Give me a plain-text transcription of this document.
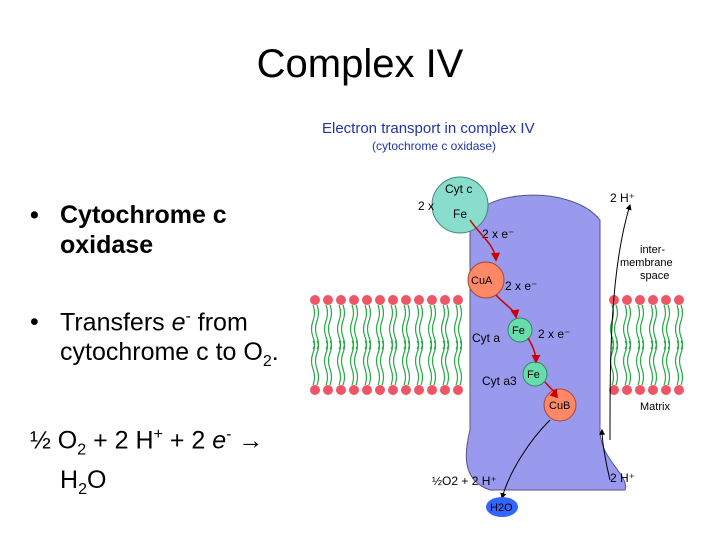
Complex IV
• Cytochrome c
oxidase
• Transfers e- from
cytochrome c to $O_2$.
½ $O_2 + 2$ H+ + 2 e- →
$H_2O$
Electron transport in complex IV
(cytochrome c oxidase)
Cyt c
Fe
2 x
2 x e⁻
CuA 2 x e⁻
Cyt a Fe 2 x e⁻
Cyt a3 Fe
CuB
2 H⁺
2 H⁺
inter-
membrane
space
Matrix
½O2 + 2 H⁺
H2O
